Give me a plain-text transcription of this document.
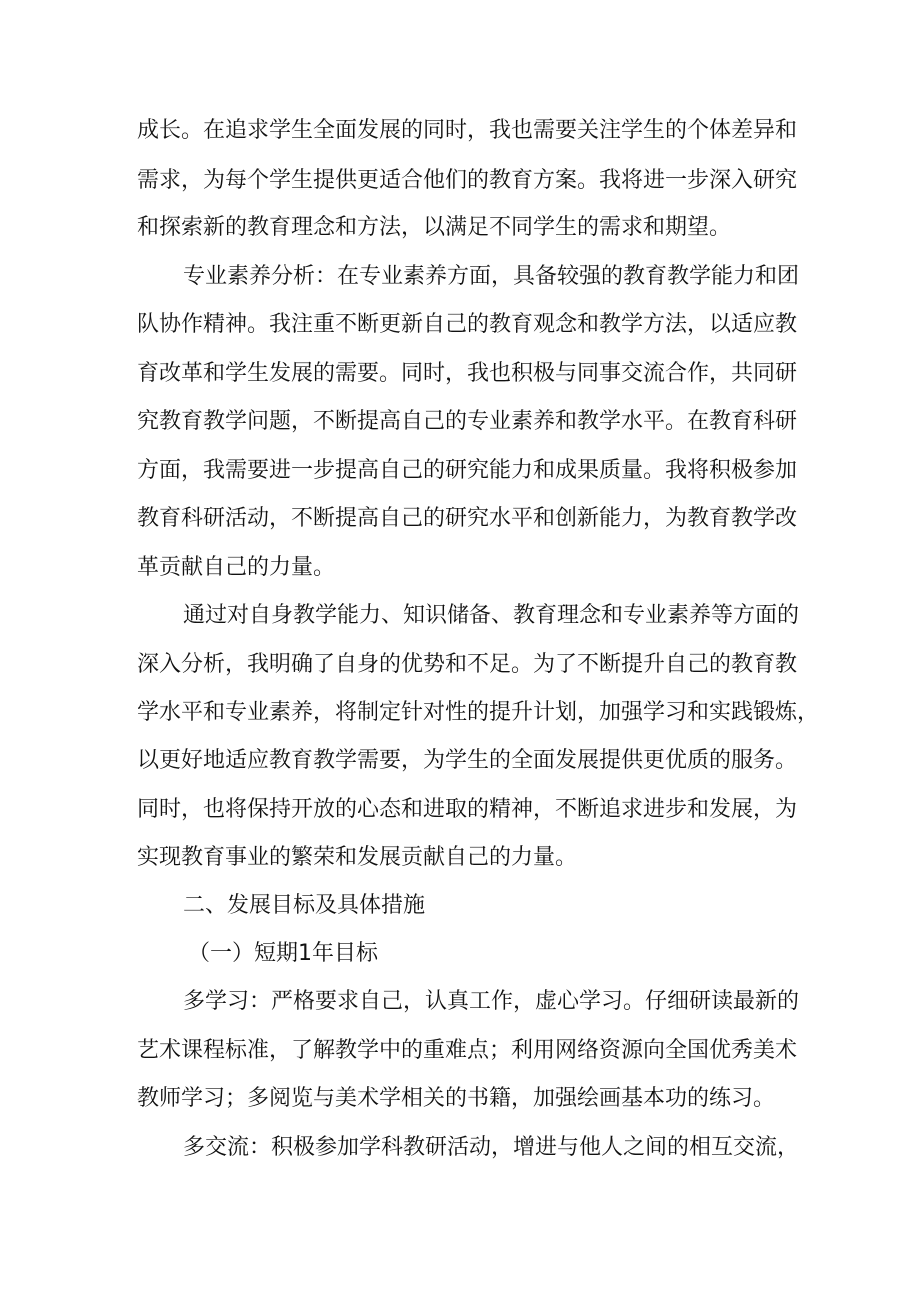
成长。在追求学生全面发展的同时，我也需要关注学生的个体差异和

需求，为每个学生提供更适合他们的教育方案。我将进一步深入研究

和探索新的教育理念和方法，以满足不同学生的需求和期望。

专业素养分析：在专业素养方面，具备较强的教育教学能力和团

队协作精神。我注重不断更新自己的教育观念和教学方法，以适应教

育改革和学生发展的需要。同时，我也积极与同事交流合作，共同研

究教育教学问题，不断提高自己的专业素养和教学水平。在教育科研

方面，我需要进一步提高自己的研究能力和成果质量。我将积极参加

教育科研活动，不断提高自己的研究水平和创新能力，为教育教学改

革贡献自己的力量。

通过对自身教学能力、知识储备、教育理念和专业素养等方面的

深入分析，我明确了自身的优势和不足。为了不断提升自己的教育教

学水平和专业素养，将制定针对性的提升计划，加强学习和实践锻炼，

以更好地适应教育教学需要，为学生的全面发展提供更优质的服务。

同时，也将保持开放的心态和进取的精神，不断追求进步和发展，为

实现教育事业的繁荣和发展贡献自己的力量。

二、发展目标及具体措施

（一）短期1年目标

多学习：严格要求自己，认真工作，虚心学习。仔细研读最新的

艺术课程标准，了解教学中的重难点；利用网络资源向全国优秀美术

教师学习；多阅览与美术学相关的书籍，加强绘画基本功的练习。

多交流：积极参加学科教研活动，增进与他人之间的相互交流，
